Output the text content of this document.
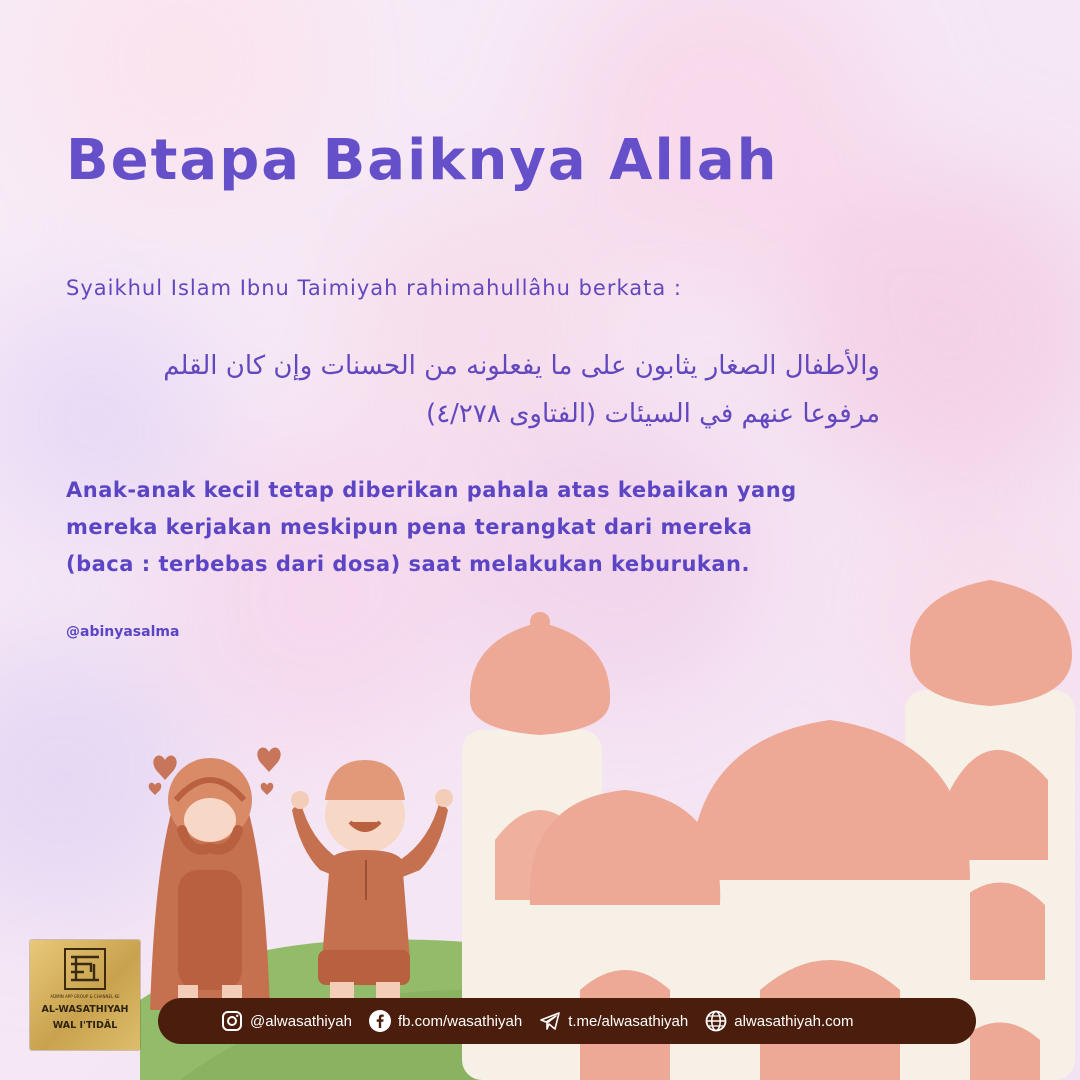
Betapa Baiknya Allah
Syaikhul Islam Ibnu Taimiyah rahimahullâhu berkata :
والأطفال الصغار يثابون على ما يفعلونه من الحسنات وإن كان القلم
مرفوعا عنهم في السيئات (الفتاوى ٤/٢٧٨)
Anak-anak kecil tetap diberikan pahala atas kebaikan yang
mereka kerjakan meskipun pena terangkat dari mereka
(baca : terbebas dari dosa) saat melakukan keburukan.
@abinyasalma
ADMIN APP GROUP & CHANNEL KE
AL-WASATHIYAH
WAL I'TIDÂL	@alwasathiyah	fb.com/wasathiyah	t.me/alwasathiyah	alwasathiyah.com
